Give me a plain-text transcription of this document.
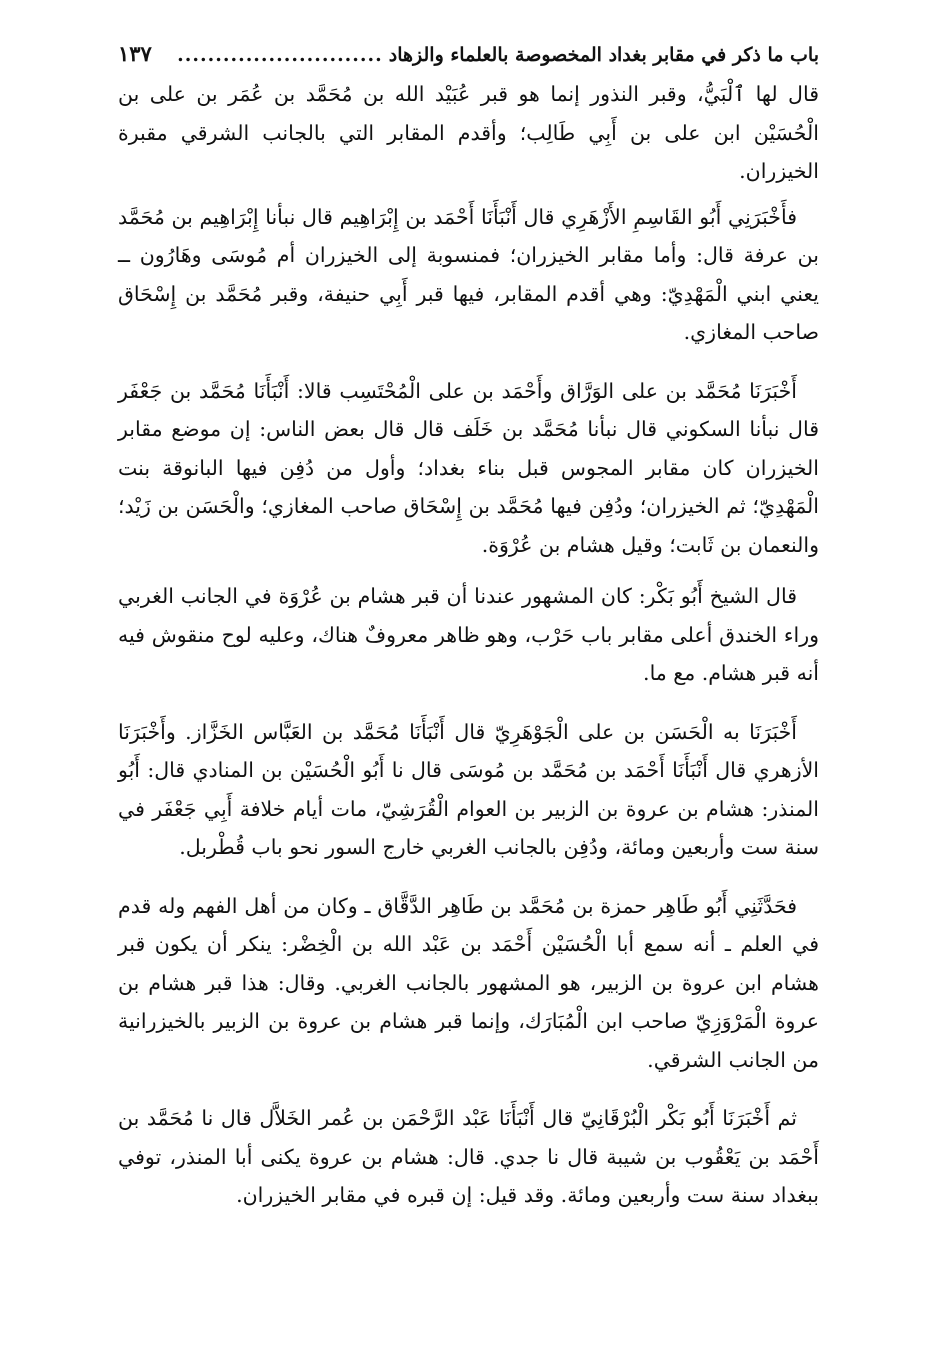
باب ما ذكر في مقابر بغداد المخصوصة بالعلماء والزهاد
...........................
١٣٧

قال لها ٱلْبَيُّ، وقبر النذور إنما هو قبر عُبَيْد الله بن مُحَمَّد بن عُمَر بن على بن الْحُسَيْن ابن على بن أَبِي طَالِب؛ وأقدم المقابر التي بالجانب الشرقي مقبرة الخيزران.

فأَخْبَرَنِي أَبُو القَاسِمِ الأَزْهَرِي قال أَنْبَأَنَا أَحْمَد بن إِبْرَاهِيم قال نبأنا إِبْرَاهِيم بن مُحَمَّد بن عرفة قال: وأما مقابر الخيزران؛ فمنسوبة إلى الخيزران أم مُوسَى وهَارُون ــ يعني ابني الْمَهْدِيّ: وهي أقدم المقابر، فيها قبر أَبِي حنيفة، وقبر مُحَمَّد بن إِسْحَاق صاحب المغازي.

أَخْبَرَنَا مُحَمَّد بن على الوَرَّاق وأَحْمَد بن على الْمُحْتَسِب قالا: أَنْبَأَنَا مُحَمَّد بن جَعْفَر قال نبأنا السكوني قال نبأنا مُحَمَّد بن خَلَف قال قال بعض الناس: إن موضع مقابر الخيزران كان مقابر المجوس قبل بناء بغداد؛ وأول من دُفِن فيها البانوقة بنت الْمَهْدِيّ؛ ثم الخيزران؛ ودُفِن فيها مُحَمَّد بن إِسْحَاق صاحب المغازي؛ والْحَسَن بن زَيْد؛ والنعمان بن ثَابت؛ وقيل هشام بن عُرْوَة.

قال الشيخ أَبُو بَكْر: كان المشهور عندنا أن قبر هشام بن عُرْوَة في الجانب الغربي وراء الخندق أعلى مقابر باب حَرْب، وهو ظاهر معروفٌ هناك، وعليه لوح منقوش فيه أنه قبر هشام. مع ما.

أَخْبَرَنَا به الْحَسَن بن على الْجَوْهَرِيّ قال أَنْبَأَنَا مُحَمَّد بن العَبَّاس الخَزَّاز. وأَخْبَرَنَا الأزهري قال أَنْبَأَنَا أَحْمَد بن مُحَمَّد بن مُوسَى قال نا أَبُو الْحُسَيْن بن المنادي قال: أَبُو المنذر: هشام بن عروة بن الزبير بن العوام الْقُرَشِيّ، مات أيام خلافة أَبِي جَعْفَر في سنة ست وأربعين ومائة، ودُفِن بالجانب الغربي خارج السور نحو باب قُطْربل.

فحَدَّثَنِي أَبُو طَاهِر حمزة بن مُحَمَّد بن طَاهِر الدَّقَّاق ـ وكان من أهل الفهم وله قدم في العلم ـ أنه سمع أبا الْحُسَيْن أَحْمَد بن عَبْد الله بن الْخِضْر: ينكر أن يكون قبر هشام ابن عروة بن الزبير، هو المشهور بالجانب الغربي. وقال: هذا قبر هشام بن عروة الْمَرْوَزِيّ صاحب ابن الْمُبَارَك، وإنما قبر هشام بن عروة بن الزبير بالخيزرانية من الجانب الشرقي.

ثم أَخْبَرَنَا أَبُو بَكْر الْبُرْقَانِيّ قال أَنْبَأَنَا عَبْد الرَّحْمَن بن عُمر الخَلاَّل قال نا مُحَمَّد بن أَحْمَد بن يَعْقُوب بن شيبة قال نا جدي. قال: هشام بن عروة يكنى أبا المنذر، توفي ببغداد سنة ست وأربعين ومائة. وقد قيل: إن قبره في مقابر الخيزران.
